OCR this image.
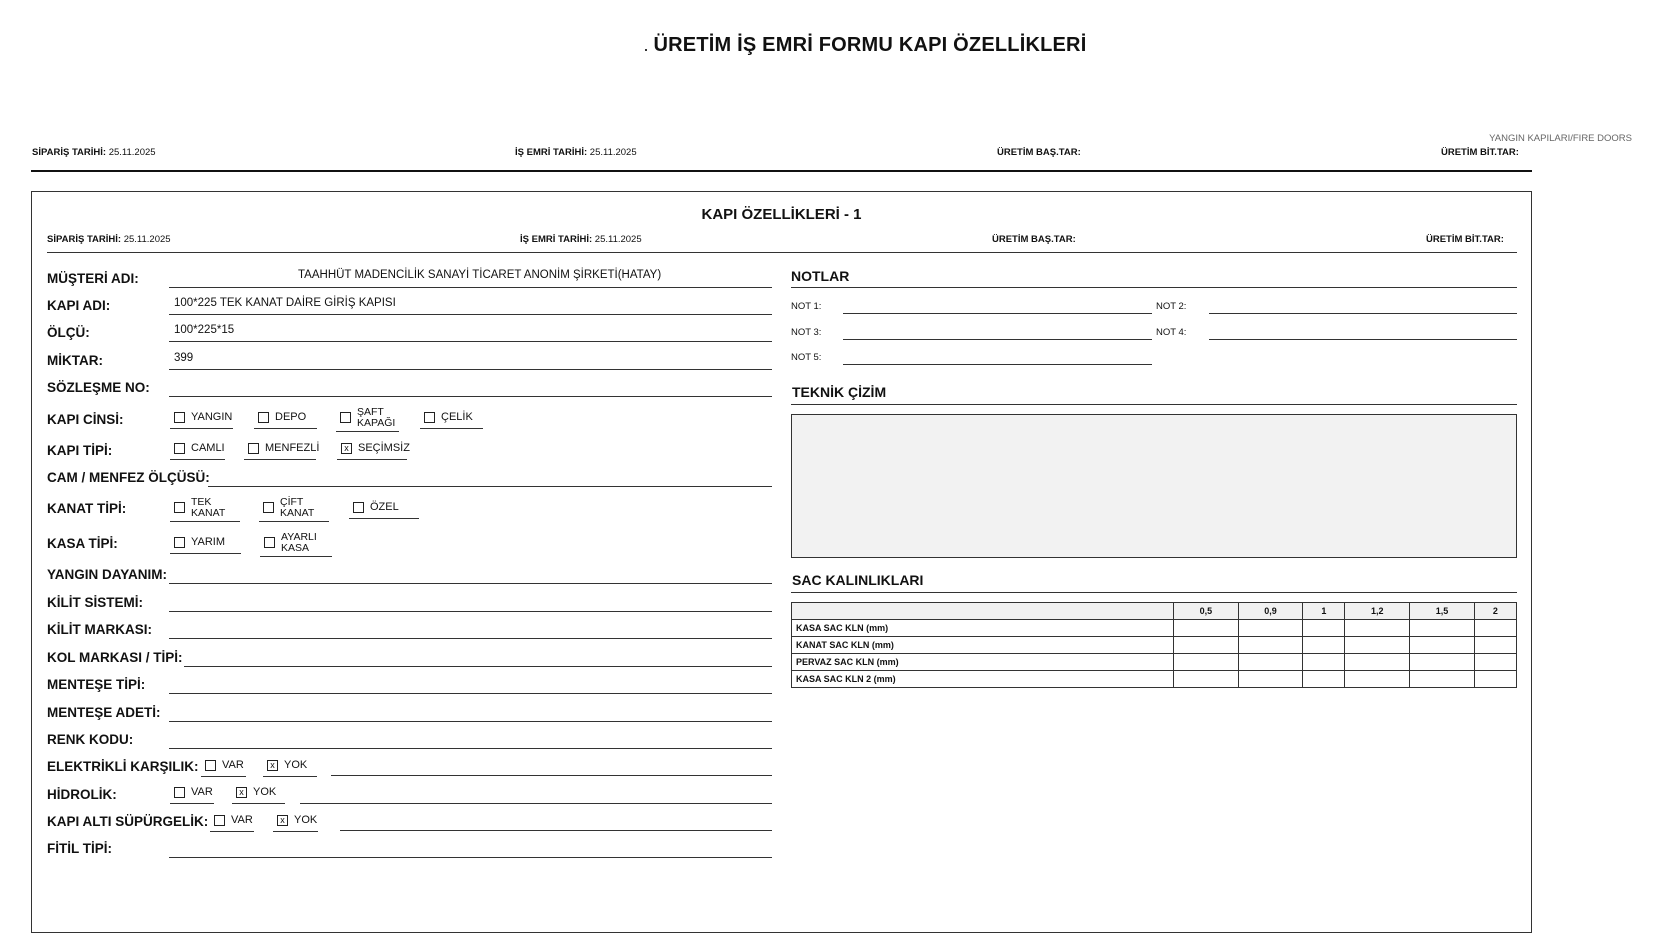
ÜRETİM İŞ EMRİ FORMU KAPI ÖZELLİKLERİ
YANGIN KAPILARI/FIRE DOORS
SİPARİŞ TARİHİ: 25.11.2025	İŞ EMRİ TARİHİ: 25.11.2025	ÜRETİM BAŞ.TAR:	ÜRETİM BİT.TAR:
KAPI ÖZELLİKLERİ - 1
SİPARİŞ TARİHİ: 25.11.2025	İŞ EMRİ TARİHİ: 25.11.2025	ÜRETİM BAŞ.TAR:	ÜRETİM BİT.TAR:
MÜŞTERİ ADI:	TAAHHÜT MADENCİLİK SANAYİ TİCARET ANONİM ŞİRKETİ(HATAY)
KAPI ADI:	100*225 TEK KANAT DAİRE GİRİŞ KAPISI
ÖLÇÜ:	100*225*15
MİKTAR:	399
SÖZLEŞME NO:
KAPI CİNSİ:	YANGIN	DEPO	ŞAFT
KAPAĞI	ÇELİK
KAPI TİPİ:	CAMLI	MENFEZLİ	x SEÇİMSİZ
CAM / MENFEZ ÖLÇÜSÜ:
KANAT TİPİ:	TEK
KANAT
ÇİFT
KANAT	ÖZEL
KASA TİPİ:	YARIM	AYARLI
KASA
YANGIN DAYANIM:
KİLİT SİSTEMİ:
KİLİT MARKASI:
KOL MARKASI / TİPİ:
MENTEŞE TİPİ:
MENTEŞE ADETİ:
RENK KODU:
ELEKTRİKLİ KARŞILIK: VAR	x YOK
HİDROLİK:	VAR	x YOK
KAPI ALTI SÜPÜRGELİK: VAR	x YOK
FİTİL TİPİ:
NOTLAR
NOT 1:	NOT 2:
NOT 3:	NOT 4:
NOT 5:
TEKNİK ÇİZİM
SAC KALINLIKLARI
	0,5	0,9	1	1,2	1,5	2
KASA SAC KLN (mm)						
KANAT SAC KLN (mm)						
PERVAZ SAC KLN (mm)						
KASA SAC KLN 2 (mm)						
